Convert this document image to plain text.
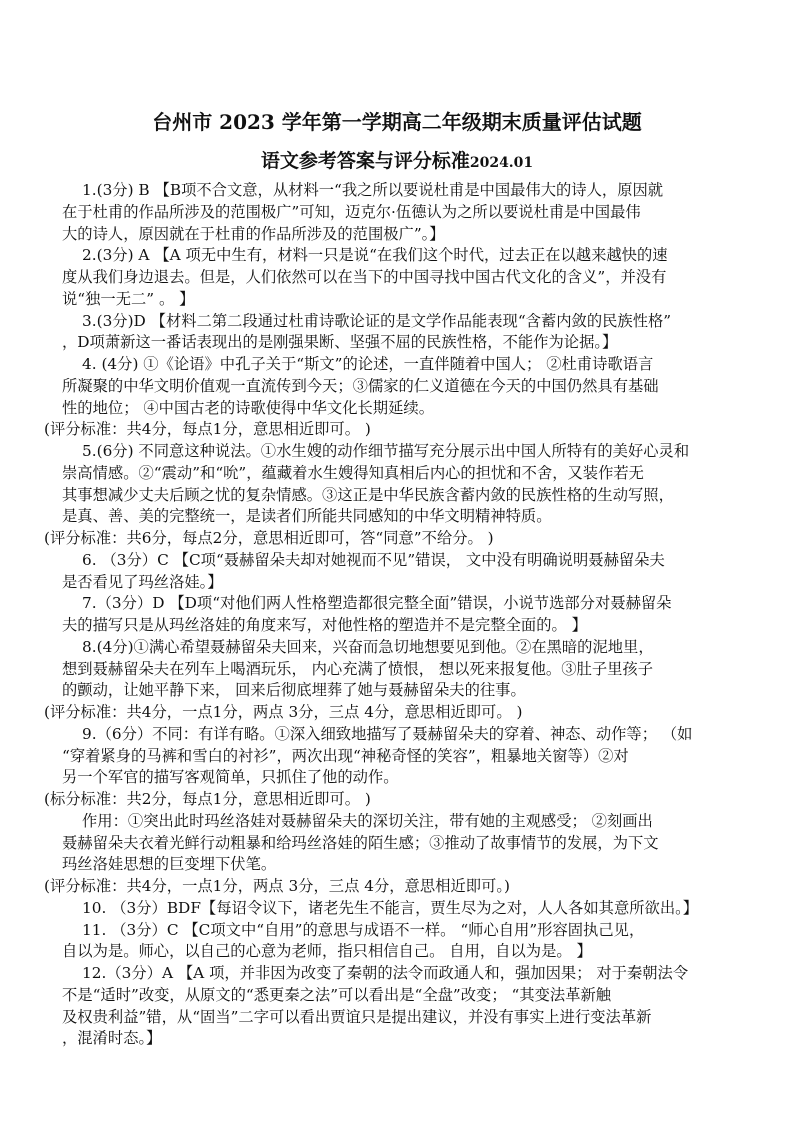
台州市 2023 学年第一学期高二年级期末质量评估试题
语文参考答案与评分标准2024.01
1.(3分) B 【B项不合文意，从材料一“我之所以要说杜甫是中国最伟大的诗人，原因就
在于杜甫的作品所涉及的范围极广”可知，迈克尔·伍德认为之所以要说杜甫是中国最伟
大的诗人，原因就在于杜甫的作品所涉及的范围极广”。】
2.(3分) A 【A 项无中生有，材料一只是说“在我们这个时代，过去正在以越来越快的速
度从我们身边退去。但是，人们依然可以在当下的中国寻找中国古代文化的含义”，并没有
说“独一无二” 。 】
3.(3分)D 【材料二第二段通过杜甫诗歌论证的是文学作品能表现“含蓄内敛的民族性格”
，D项萧新这一番话表现出的是刚强果断、坚强不屈的民族性格，不能作为论据。】
4. (4分) ①《论语》中孔子关于“斯文”的论述，一直伴随着中国人； ②杜甫诗歌语言
所凝聚的中华文明价值观一直流传到今天；③儒家的仁义道德在今天的中国仍然具有基础
性的地位； ④中国古老的诗歌使得中华文化长期延续。
(评分标准：共4分，每点1分，意思相近即可。 )
5.(6分) 不同意这种说法。①水生嫂的动作细节描写充分展示出中国人所特有的美好心灵和
崇高情感。②“震动”和“吮”，蕴藏着水生嫂得知真相后内心的担忧和不舍，又装作若无
其事想减少丈夫后顾之忧的复杂情感。③这正是中华民族含蓄内敛的民族性格的生动写照，
是真、善、美的完整统一，是读者们所能共同感知的中华文明精神特质。
(评分标准：共6分，每点2分，意思相近即可，答“同意”不给分。 )
6. （3分）C 【C项“聂赫留朵夫却对她视而不见”错误， 文中没有明确说明聂赫留朵夫
是否看见了玛丝洛娃。】
7.（3分）D 【D项“对他们两人性格塑造都很完整全面”错误，小说节选部分对聂赫留朵
夫的描写只是从玛丝洛娃的角度来写，对他性格的塑造并不是完整全面的。 】
8.(4分)①满心希望聂赫留朵夫回来，兴奋而急切地想要见到他。②在黑暗的泥地里，
想到聂赫留朵夫在列车上喝酒玩乐， 内心充满了愤恨， 想以死来报复他。③肚子里孩子
的颤动，让她平静下来， 回来后彻底埋葬了她与聂赫留朵夫的往事。
(评分标准：共4分，一点1分，两点 3分，三点 4分，意思相近即可。 )
9.（6分）不同：有详有略。①深入细致地描写了聂赫留朵夫的穿着、神态、动作等； （如
“穿着紧身的马裤和雪白的衬衫”，两次出现“神秘奇怪的笑容”，粗暴地关窗等）②对
另一个军官的描写客观简单，只抓住了他的动作。
(标分标准：共2分，每点1分，意思相近即可。 )
作用：①突出此时玛丝洛娃对聂赫留朵夫的深切关注，带有她的主观感受； ②刻画出
聂赫留朵夫衣着光鲜行动粗暴和给玛丝洛娃的陌生感；③推动了故事情节的发展，为下文
玛丝洛娃思想的巨变埋下伏笔。
(评分标准：共4分，一点1分，两点 3分，三点 4分，意思相近即可。)
10. （3分）BDF【每诏令议下，诸老先生不能言，贾生尽为之对，人人各如其意所欲出。】
11. （3分）C 【C项文中“自用”的意思与成语不一样。 “师心自用”形容固执己见，
自以为是。师心，以自己的心意为老师，指只相信自己。 自用，自以为是。 】
12.（3分）A 【A 项，并非因为改变了秦朝的法令而政通人和，强加因果； 对于秦朝法令
不是“适时”改变，从原文的“悉更秦之法”可以看出是“全盘”改变； “其变法革新触
及权贵利益”错，从“固当”二字可以看出贾谊只是提出建议，并没有事实上进行变法革新
，混淆时态。】
